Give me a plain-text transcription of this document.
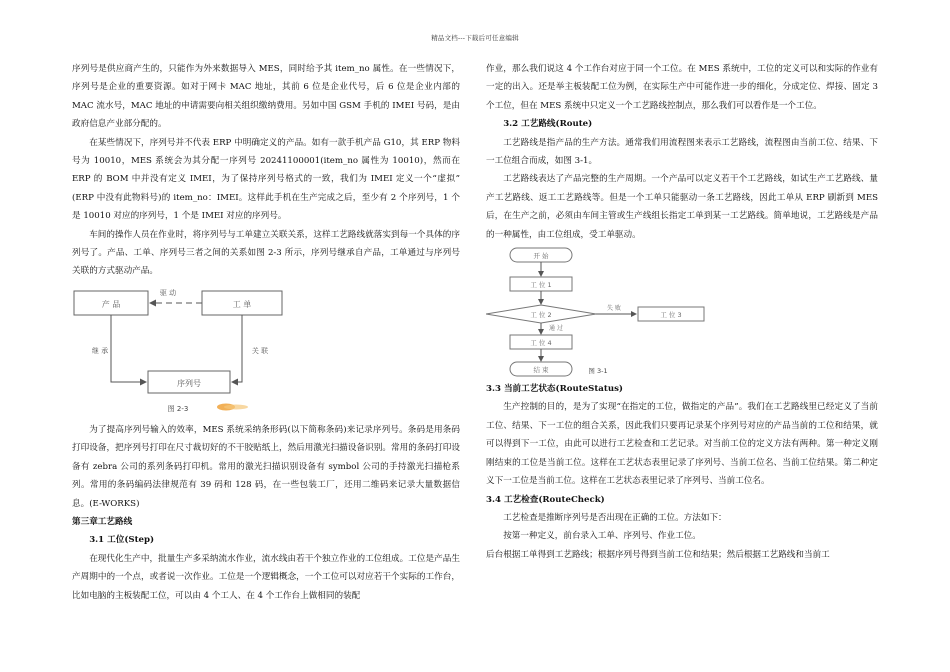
精品文档---下载后可任意编辑

序列号是供应商产生的，只能作为外来数据导入 MES，同时给予其 item_no 属性。在一些情况下，序列号是企业的重要资源。如对于网卡 MAC 地址，其前 6 位是企业代号，后 6 位是企业内部的 MAC 流水号，MAC 地址的申请需要向相关组织缴纳费用。另如中国 GSM 手机的 IMEI 号码，是由政府信息产业部分配的。

在某些情况下，序列号并不代表 ERP 中明确定义的产品。如有一款手机产品 G10，其 ERP 物料号为 10010，MES 系统会为其分配一序列号 20241100001(item_no 属性为 10010)，然而在 ERP 的 BOM 中并没有定义 IMEI，为了保持序列号格式的一致，我们为 IMEI 定义一个“虚拟” (ERP 中没有此物料号)的 item_no：IMEI。这样此手机在生产完成之后，至少有 2 个序列号，1 个是 10010 对应的序列号，1 个是 IMEI 对应的序列号。

车间的操作人员在作业时，将序列号与工单建立关联关系，这样工艺路线就落实到每一个具体的序列号了。产品、工单、序列号三者之间的关系如图 2-3 所示，序列号继承自产品，工单通过与序列号关联的方式驱动产品。

产 品	工 单
驱 动
序列号
继 承	关 联
图 2-3

为了提高序列号输入的效率，MES 系统采纳条形码(以下简称条码)来记录序列号。条码是用条码打印设备，把序列号打印在尺寸裁切好的不干胶贴纸上，然后用激光扫描设备识别。常用的条码打印设备有 zebra 公司的系列条码打印机。常用的激光扫描识别设备有 symbol 公司的手持激光扫描枪系列。常用的条码编码法律规范有 39 码和 128 码，在一些包装工厂，还用二维码来记录大量数据信息。(E-WORKS)

第三章工艺路线

3.1 工位(Step)

在现代化生产中，批量生产多采纳流水作业，流水线由若干个独立作业的工位组成。工位是产品生产周期中的一个点，或者说一次作业。工位是一个逻辑概念，一个工位可以对应若干个实际的工作台，比如电脑的主板装配工位，可以由 4 个工人、在 4 个工作台上做相同的装配

作业，那么我们说这 4 个工作台对应于同一个工位。在 MES 系统中，工位的定义可以和实际的作业有一定的出入。还是举主板装配工位为例，在实际生产中可能作进一步的细化，分成定位、焊接、固定 3 个工位，但在 MES 系统中只定义一个工艺路线控制点，那么我们可以看作是一个工位。

3.2 工艺路线(Route)

工艺路线是指产品的生产方法。通常我们用流程图来表示工艺路线，流程图由当前工位、结果、下一工位组合而成，如图 3-1。

工艺路线表达了产品完整的生产周期。一个产品可以定义若干个工艺路线，如试生产工艺路线、量产工艺路线、返工工艺路线等。但是一个工单只能驱动一条工艺路线，因此工单从 ERP 刷新到 MES 后，在生产之前，必须由车间主管或生产线组长指定工单到某一工艺路线。简单地说，工艺路线是产品的一种属性，由工位组成，受工单驱动。

开 始
工 位 1
工 位 2
失 败
工 位 3
通 过
工 位 4
结 束	图 3-1

3.3 当前工艺状态(RouteStatus)

生产控制的目的，是为了实现“在指定的工位，做指定的产品”。我们在工艺路线里已经定义了当前工位、结果、下一工位的组合关系，因此我们只要再记录某个序列号对应的产品当前的工位和结果，就可以得到下一工位，由此可以进行工艺检查和工艺记录。对当前工位的定义方法有两种。第一种定义刚刚结束的工位是当前工位。这样在工艺状态表里记录了序列号、当前工位名、当前工位结果。第二种定义下一工位是当前工位。这样在工艺状态表里记录了序列号、当前工位名。

3.4 工艺检查(RouteCheck)

工艺检查是推断序列号是否出现在正确的工位。方法如下：

按第一种定义，前台录入工单、序列号、作业工位。

后台根据工单得到工艺路线；根据序列号得到当前工位和结果；然后根据工艺路线和当前工
